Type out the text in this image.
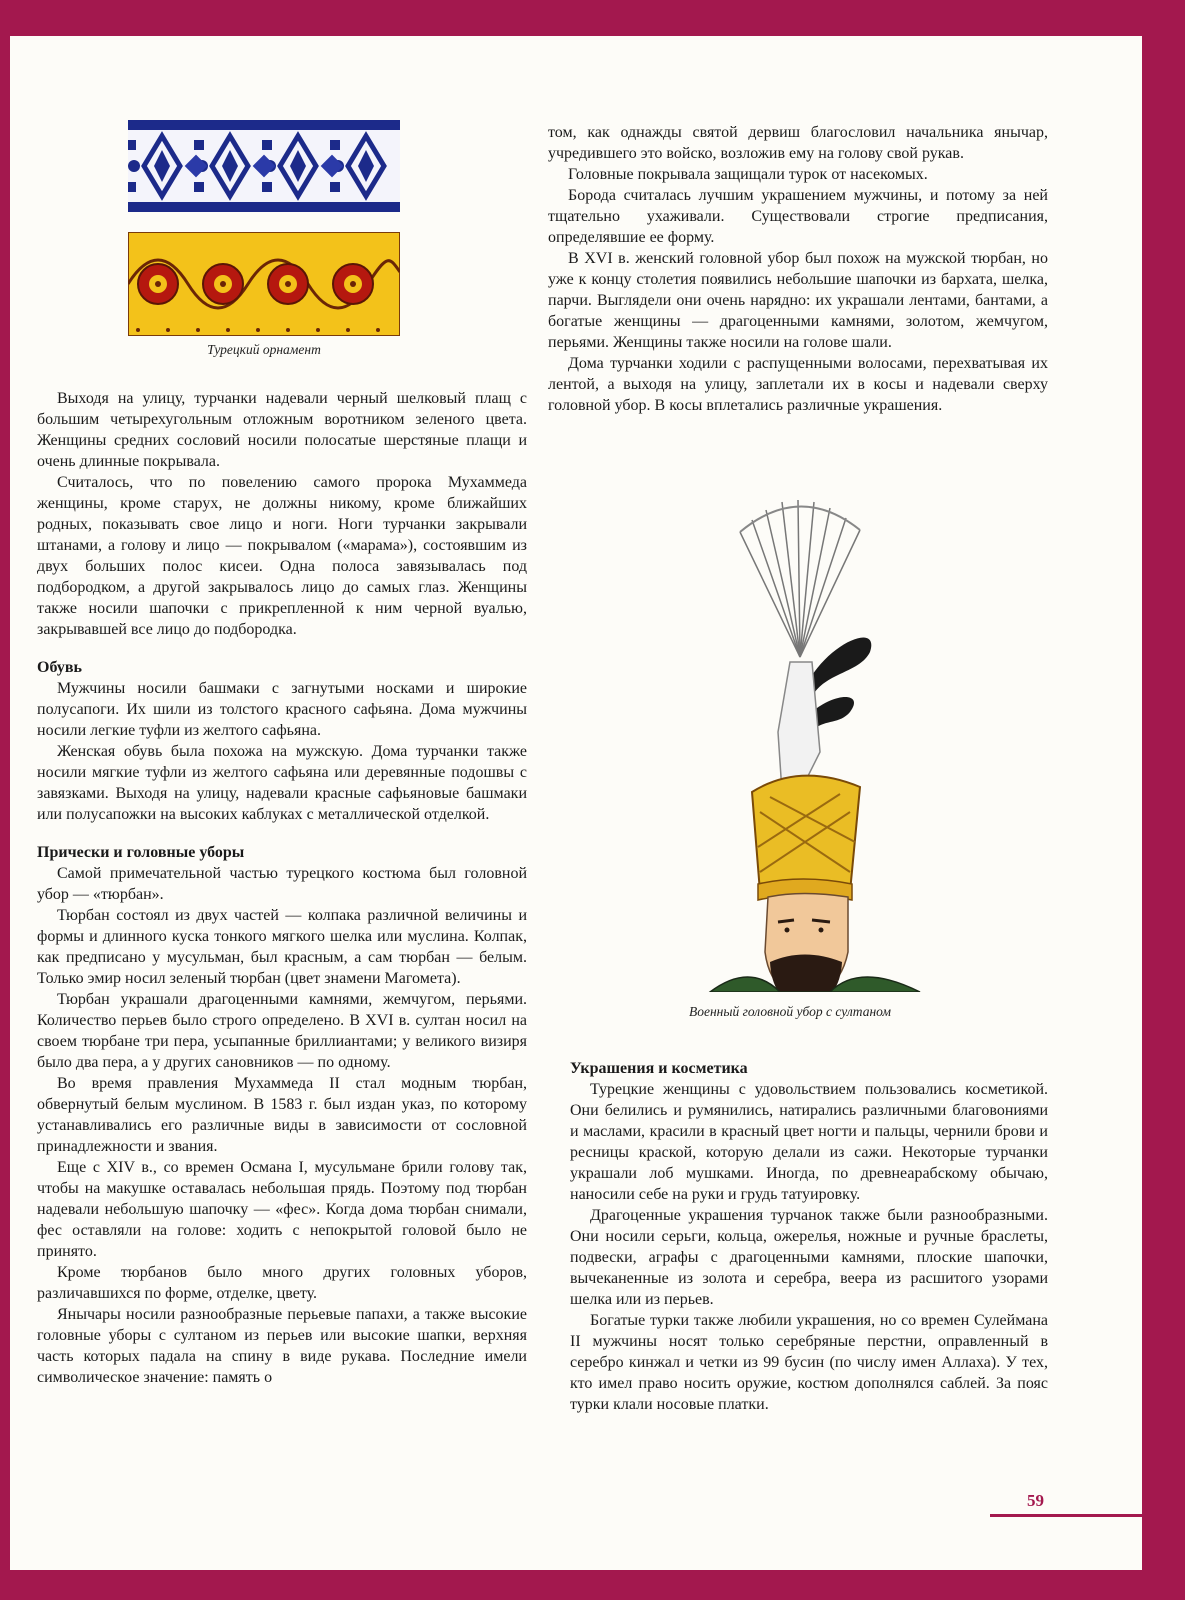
Турецкий орнамент

Выходя на улицу, турчанки надевали черный шелковый плащ с большим четырехугольным отложным воротником зеленого цвета. Женщины средних сословий носили полосатые шерстяные плащи и очень длинные покрывала.

Считалось, что по повелению самого пророка Мухаммеда женщины, кроме старух, не должны никому, кроме ближайших родных, показывать свое лицо и ноги. Ноги турчанки закрывали штанами, а голову и лицо — покрывалом («марама»), состоявшим из двух больших полос кисеи. Одна полоса завязывалась под подбородком, а другой закрывалось лицо до самых глаз. Женщины также носили шапочки с прикрепленной к ним черной вуалью, закрывавшей все лицо до подбородка.

Обувь

Мужчины носили башмаки с загнутыми носками и широкие полусапоги. Их шили из толстого красного сафьяна. Дома мужчины носили легкие туфли из желтого сафьяна.

Женская обувь была похожа на мужскую. Дома турчанки также носили мягкие туфли из желтого сафьяна или деревянные подошвы с завязками. Выходя на улицу, надевали красные сафьяновые башмаки или полусапожки на высоких каблуках с металлической отделкой.

Прически и головные уборы

Самой примечательной частью турецкого костюма был головной убор — «тюрбан».

Тюрбан состоял из двух частей — колпака различной величины и формы и длинного куска тонкого мягкого шелка или муслина. Колпак, как предписано у мусульман, был красным, а сам тюрбан — белым. Только эмир носил зеленый тюрбан (цвет знамени Магомета).

Тюрбан украшали драгоценными камнями, жемчугом, перьями. Количество перьев было строго определено. В XVI в. султан носил на своем тюрбане три пера, усыпанные бриллиантами; у великого визиря было два пера, а у других сановников — по одному.

Во время правления Мухаммеда II стал модным тюрбан, обвернутый белым муслином. В 1583 г. был издан указ, по которому устанавливались его различные виды в зависимости от сословной принадлежности и звания.

Еще с XIV в., со времен Османа I, мусульмане брили голову так, чтобы на макушке оставалась небольшая прядь. Поэтому под тюрбан надевали небольшую шапочку — «фес». Когда дома тюрбан снимали, фес оставляли на голове: ходить с непокрытой головой было не принято.

Кроме тюрбанов было много других головных уборов, различавшихся по форме, отделке, цвету.

Янычары носили разнообразные перьевые папахи, а также высокие головные уборы с султаном из перьев или высокие шапки, верхняя часть которых падала на спину в виде рукава. Последние имели символическое значение: память о

том, как однажды святой дервиш благословил начальника янычар, учредившего это войско, возложив ему на голову свой рукав.

Головные покрывала защищали турок от насекомых.

Борода считалась лучшим украшением мужчины, и потому за ней тщательно ухаживали. Существовали строгие предписания, определявшие ее форму.

В XVI в. женский головной убор был похож на мужской тюрбан, но уже к концу столетия появились небольшие шапочки из бархата, шелка, парчи. Выглядели они очень нарядно: их украшали лентами, бантами, а богатые женщины — драгоценными камнями, золотом, жемчугом, перьями. Женщины также носили на голове шали.

Дома турчанки ходили с распущенными волосами, перехватывая их лентой, а выходя на улицу, заплетали их в косы и надевали сверху головной убор. В косы вплетались различные украшения.

Военный головной убор с султаном
Украшения и косметика

Турецкие женщины с удовольствием пользовались косметикой. Они белились и румянились, натирались различными благовониями и маслами, красили в красный цвет ногти и пальцы, чернили брови и ресницы краской, которую делали из сажи. Некоторые турчанки украшали лоб мушками. Иногда, по древнеарабскому обычаю, наносили себе на руки и грудь татуировку.

Драгоценные украшения турчанок также были разнообразными. Они носили серьги, кольца, ожерелья, ножные и ручные браслеты, подвески, аграфы с драгоценными камнями, плоские шапочки, вычеканенные из золота и серебра, веера из расшитого узорами шелка или из перьев.

Богатые турки также любили украшения, но со времен Сулеймана II мужчины носят только серебряные перстни, оправленный в серебро кинжал и четки из 99 бусин (по числу имен Аллаха). У тех, кто имел право носить оружие, костюм дополнялся саблей. За пояс турки клали носовые платки.

59
